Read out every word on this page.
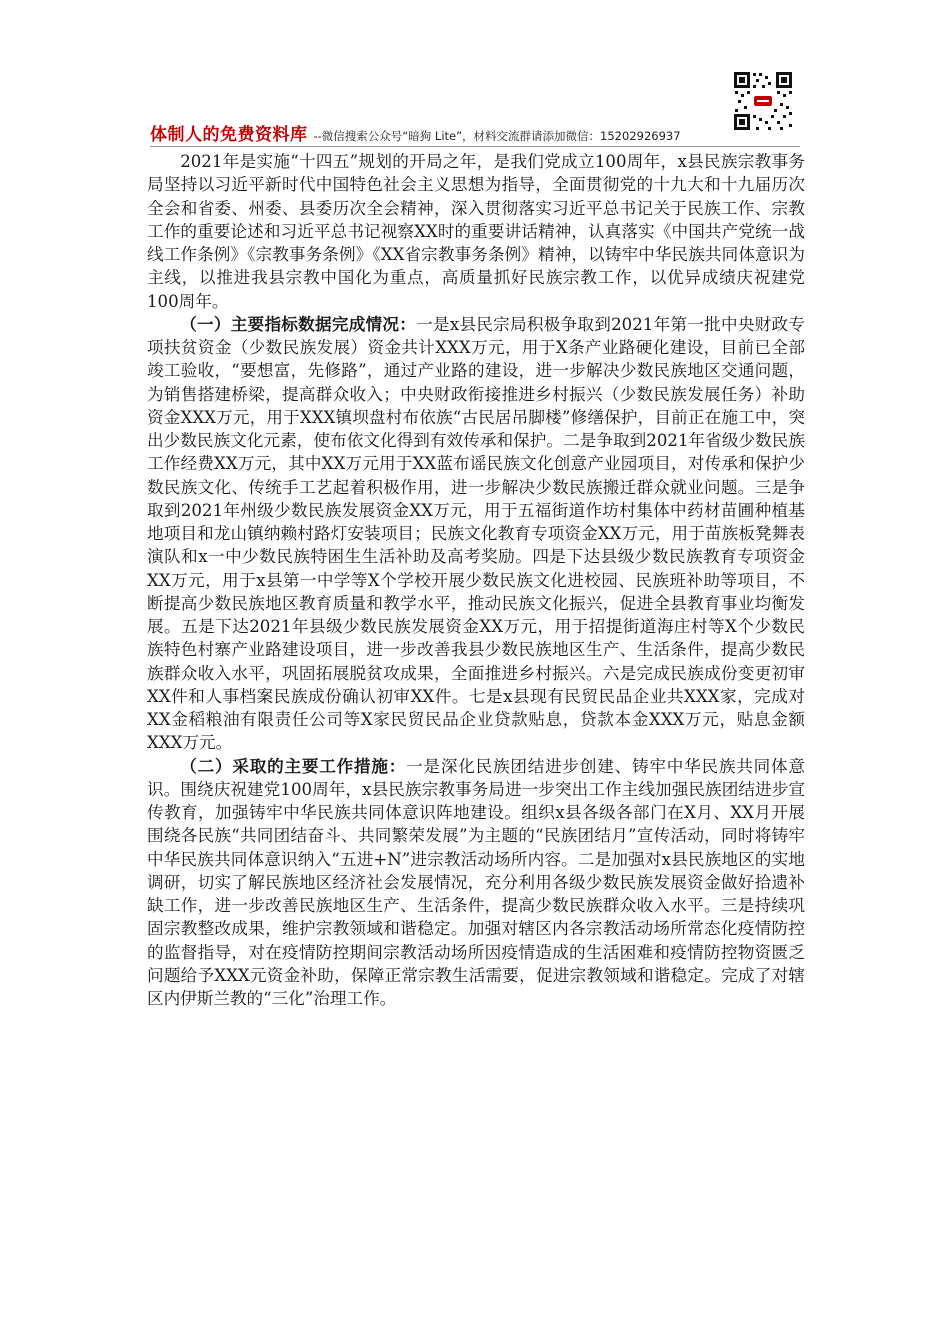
体制人的免费资料库 --微信搜索公众号“暗狗 Lite”，材料交流群请添加微信：15202926937

2021年是实施“十四五”规划的开局之年，是我们党成立100周年，x县民族宗教事务局坚持以习近平新时代中国特色社会主义思想为指导，全面贯彻党的十九大和十九届历次全会和省委、州委、县委历次全会精神，深入贯彻落实习近平总书记关于民族工作、宗教工作的重要论述和习近平总书记视察XX时的重要讲话精神，认真落实《中国共产党统一战线工作条例》《宗教事务条例》《XX省宗教事务条例》精神，以铸牢中华民族共同体意识为主线，以推进我县宗教中国化为重点，高质量抓好民族宗教工作，以优异成绩庆祝建党100周年。

（一）主要指标数据完成情况：一是x县民宗局积极争取到2021年第一批中央财政专项扶贫资金（少数民族发展）资金共计XXX万元，用于X条产业路硬化建设，目前已全部竣工验收，“要想富，先修路”，通过产业路的建设，进一步解决少数民族地区交通问题，为销售搭建桥梁，提高群众收入；中央财政衔接推进乡村振兴（少数民族发展任务）补助资金XXX万元，用于XXX镇坝盘村布依族“古民居吊脚楼”修缮保护，目前正在施工中，突出少数民族文化元素，使布依文化得到有效传承和保护。二是争取到2021年省级少数民族工作经费XX万元，其中XX万元用于XX蓝布谣民族文化创意产业园项目，对传承和保护少数民族文化、传统手工艺起着积极作用，进一步解决少数民族搬迁群众就业问题。三是争取到2021年州级少数民族发展资金XX万元，用于五福街道作坊村集体中药材苗圃种植基地项目和龙山镇纳赖村路灯安装项目；民族文化教育专项资金XX万元，用于苗族板凳舞表演队和x一中少数民族特困生生活补助及高考奖励。四是下达县级少数民族教育专项资金XX万元，用于x县第一中学等X个学校开展少数民族文化进校园、民族班补助等项目，不断提高少数民族地区教育质量和教学水平，推动民族文化振兴，促进全县教育事业均衡发展。五是下达2021年县级少数民族发展资金XX万元，用于招提街道海庄村等X个少数民族特色村寨产业路建设项目，进一步改善我县少数民族地区生产、生活条件，提高少数民族群众收入水平，巩固拓展脱贫攻成果，全面推进乡村振兴。六是完成民族成份变更初审XX件和人事档案民族成份确认初审XX件。七是x县现有民贸民品企业共XXX家，完成对XX金稻粮油有限责任公司等X家民贸民品企业贷款贴息，贷款本金XXX万元，贴息金额XXX万元。

（二）采取的主要工作措施：一是深化民族团结进步创建、铸牢中华民族共同体意识。围绕庆祝建党100周年，x县民族宗教事务局进一步突出工作主线加强民族团结进步宣传教育，加强铸牢中华民族共同体意识阵地建设。组织x县各级各部门在X月、XX月开展围绕各民族“共同团结奋斗、共同繁荣发展”为主题的“民族团结月”宣传活动，同时将铸牢中华民族共同体意识纳入“五进+N”进宗教活动场所内容。二是加强对x县民族地区的实地调研，切实了解民族地区经济社会发展情况，充分利用各级少数民族发展资金做好拾遗补缺工作，进一步改善民族地区生产、生活条件，提高少数民族群众收入水平。三是持续巩固宗教整改成果，维护宗教领域和谐稳定。加强对辖区内各宗教活动场所常态化疫情防控的监督指导，对在疫情防控期间宗教活动场所因疫情造成的生活困难和疫情防控物资匮乏问题给予XXX元资金补助，保障正常宗教生活需要，促进宗教领域和谐稳定。完成了对辖区内伊斯兰教的“三化”治理工作。
